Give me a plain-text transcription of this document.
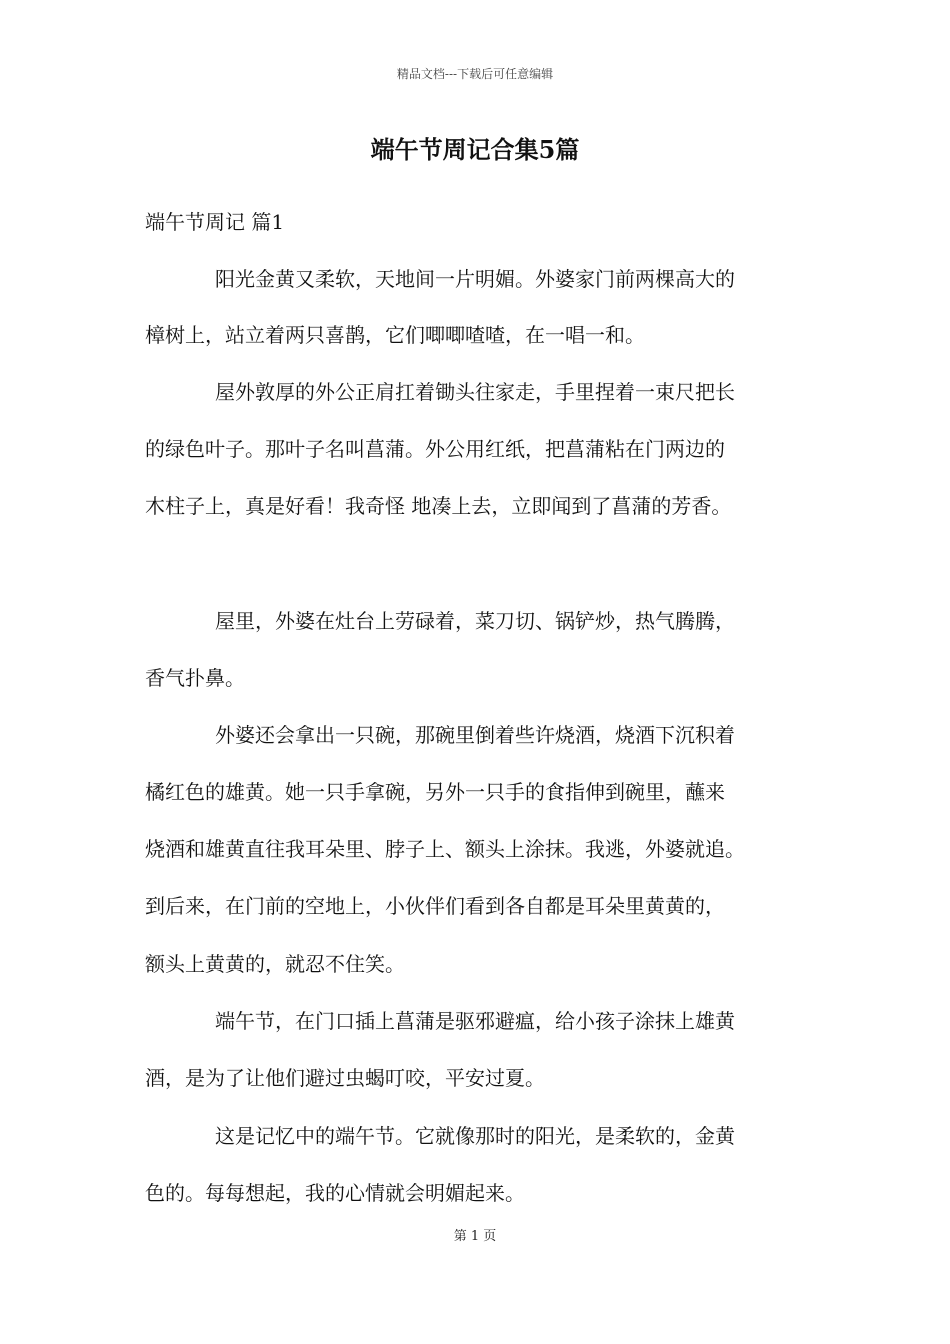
精品文档---下载后可任意编辑
端午节周记合集5篇
端午节周记 篇1
阳光金黄又柔软，天地间一片明媚。外婆家门前两棵高大的
樟树上，站立着两只喜鹊，它们唧唧喳喳，在一唱一和。
屋外敦厚的外公正肩扛着锄头往家走，手里捏着一束尺把长
的绿色叶子。那叶子名叫菖蒲。外公用红纸，把菖蒲粘在门两边的
木柱子上，真是好看！我奇怪 地凑上去，立即闻到了菖蒲的芳香。
屋里，外婆在灶台上劳碌着，菜刀切、锅铲炒，热气腾腾，
香气扑鼻。
外婆还会拿出一只碗，那碗里倒着些许烧酒，烧酒下沉积着
橘红色的雄黄。她一只手拿碗，另外一只手的食指伸到碗里，蘸来
烧酒和雄黄直往我耳朵里、脖子上、额头上涂抹。我逃，外婆就追。
到后来，在门前的空地上，小伙伴们看到各自都是耳朵里黄黄的，
额头上黄黄的，就忍不住笑。
端午节，在门口插上菖蒲是驱邪避瘟，给小孩子涂抹上雄黄
酒，是为了让他们避过虫蝎叮咬，平安过夏。
这是记忆中的端午节。它就像那时的阳光，是柔软的，金黄
色的。每每想起，我的心情就会明媚起来。
第 1 页
